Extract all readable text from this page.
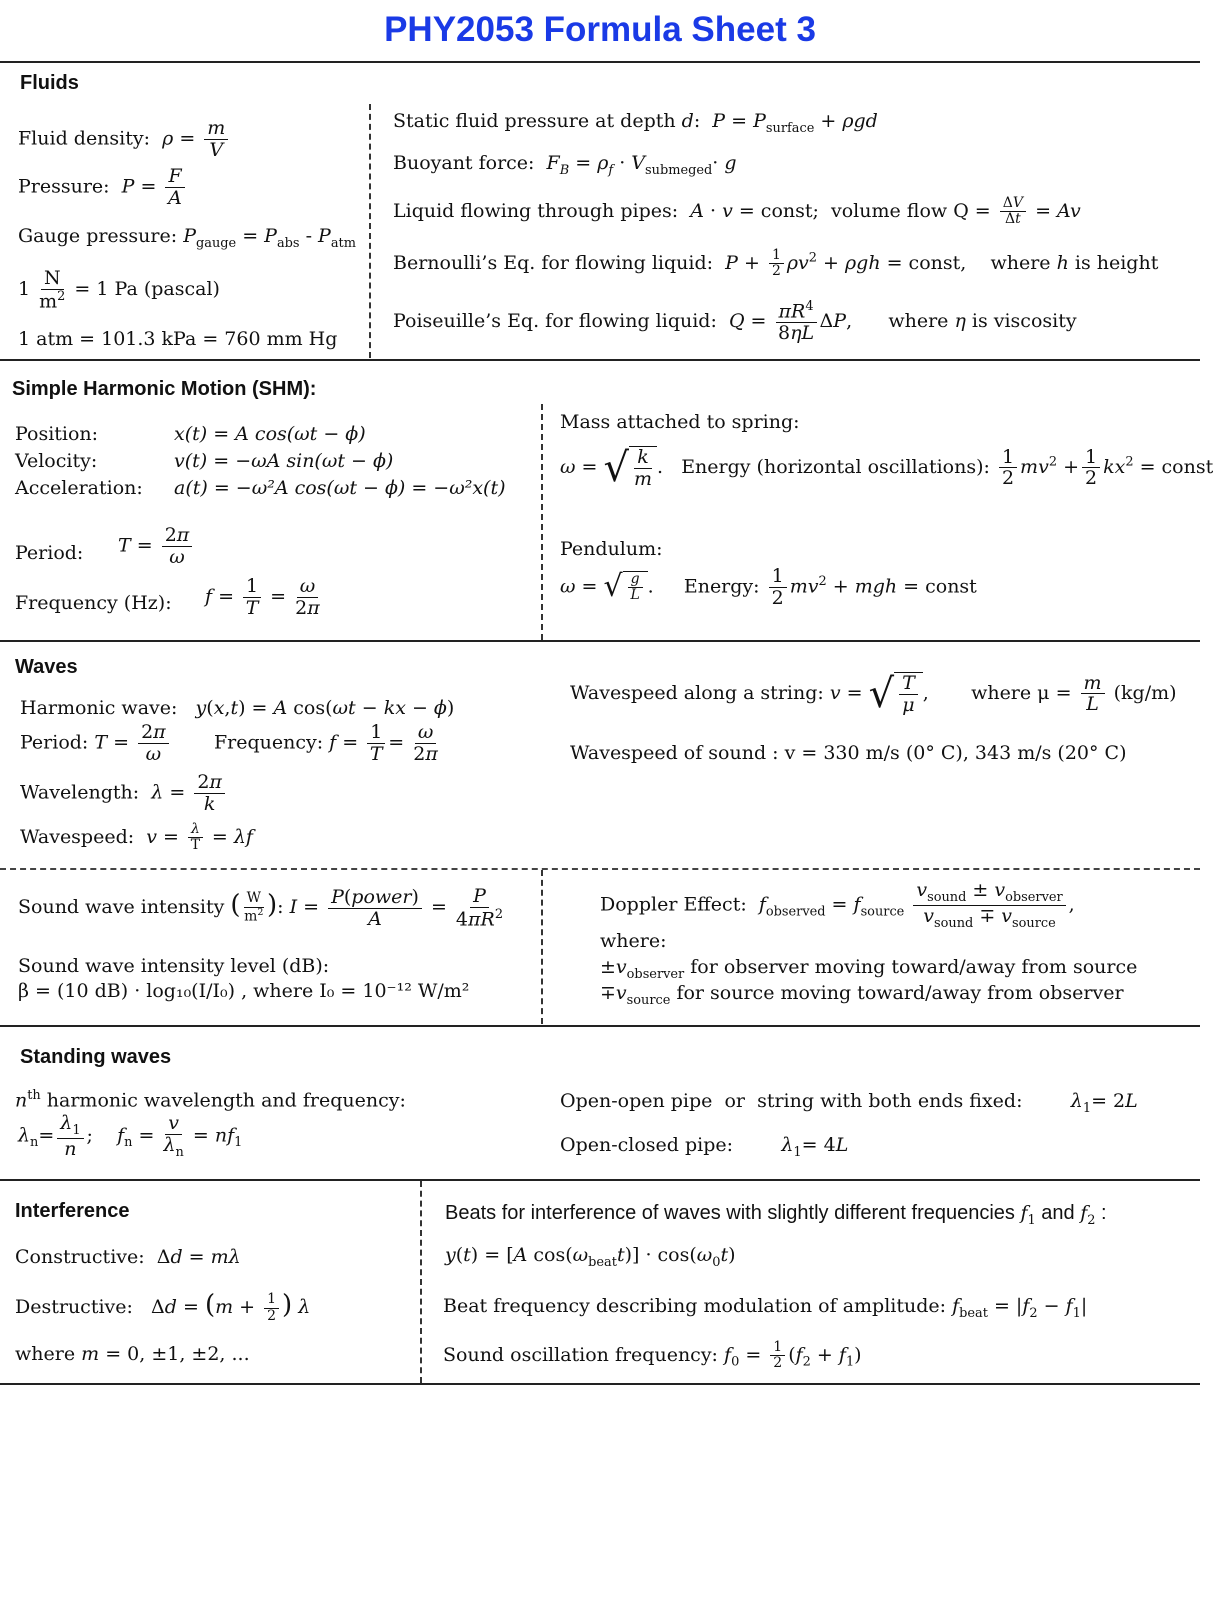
PHY2053 Formula Sheet 3
Fluids
Fluid density:  $\rho = \frac{m}{V}$
Pressure:  $P = \frac{F}{A}$
Gauge pressure: $P_{gauge} = P_{abs} - P_{atm}$
$1 \frac{N}{m^2} = 1$ Pa (pascal)
1 atm = 101.3 kPa = 760 mm Hg
Static fluid pressure at depth d:  $P = P_{surface} + \rho gd$
Buoyant force:  $F_B = \rho_f \cdot V_{submeged}\cdot g$
Liquid flowing through pipes:  A · v = const;  volume flow $Q = \frac{\Delta V}{\Delta t} = Av$
Bernoulli’s Eq. for flowing liquid:  $P + \frac{1}{2} \rho v^2 + \rho gh$ = const,    where h is height
Poiseuille’s Eq. for flowing liquid:  $Q = \frac{\pi R^4}{8\eta L} \Delta P$,      where η is viscosity
Simple Harmonic Motion (SHM):
Position:	x(t) = A cos(ωt − ϕ)
Velocity:	v(t) = −ωA sin(ωt − ϕ)
Acceleration: a(t) = −ω²A cos(ωt − ϕ) = −ω²x(t)
Period: $T = \frac{2\pi}{\omega}$
Frequency (Hz): $f = \frac{1}{T} = \frac{\omega}{2\pi}$
Mass attached to spring:
ω = √ $\frac{k}{m}$ .   Energy (horizontal oscillations): $\frac{1}{2} mv^2 + \frac{1}{2} kx^2$ = const
Pendulum:
ω = √ $\frac{g}{L}$ .     Energy: $\frac{1}{2} mv^2$ + mgh = const
Waves
Harmonic wave:   y(x,t) = A cos(ωt − kx − ϕ)
Period: $T = \frac{2\pi}{\omega}$ Frequency: $f = \frac{1}{T} = \frac{\omega}{2\pi}$
Wavelength:  $\lambda = \frac{2\pi}{k}$
Wavespeed:  $v = \frac{\lambda}{T} = \lambda f$
Wavespeed along a string: v = √ $\frac{T}{\mu}$ ,       where $\mu = \frac{m}{L} (kg/m)$
Wavespeed of sound : v = 330 m/s (0° C), 343 m/s (20° C)
Sound wave intensity ( $\frac{W}{m^2}$ ): $I = \frac{\text{P(power)}}{A} = \frac{P}{4\pi R^2}$
Sound wave intensity level (dB):
β = (10 dB) · log₁₀(I/I₀) , where I₀ = 10⁻¹² W/m²
Doppler Effect:  $f_{observed} = f_{source} \frac{v_{sound} \pm v_{observer}}{v_{sound} \mp v_{source}}$ ,
where:
$\pm v_{observer}$ for observer moving toward/away from source
$\mp v_{source}$ for source moving toward/away from observer
Standing waves
$n^{th}$ harmonic wavelength and frequency:
$\lambda_n= \frac{\lambda_1}{n}$ ;    $f_n = \frac{v}{\lambda_n} = nf_1$
Open-open pipe  or  string with both ends fixed:        $\lambda_1= 2L$
Open-closed pipe:        $\lambda_1= 4L$
Interference
Constructive:  Δd = mλ
Destructive:   $\Delta d = (m + \frac{1}{2}$ ) λ
where m = 0, ±1, ±2, ...
Beats for interference of waves with slightly different frequencies $f_1$ and $f_2$ :
y(t) = [A $\cos(\omega_{beat}t)] \cdot \cos(\omega_0t)$
Beat frequency describing modulation of amplitude: $f_{beat} = |f_2 - f_1|$
Sound oscillation frequency: $f_0 = \frac{1}{2} (f_2 + f_1)$
